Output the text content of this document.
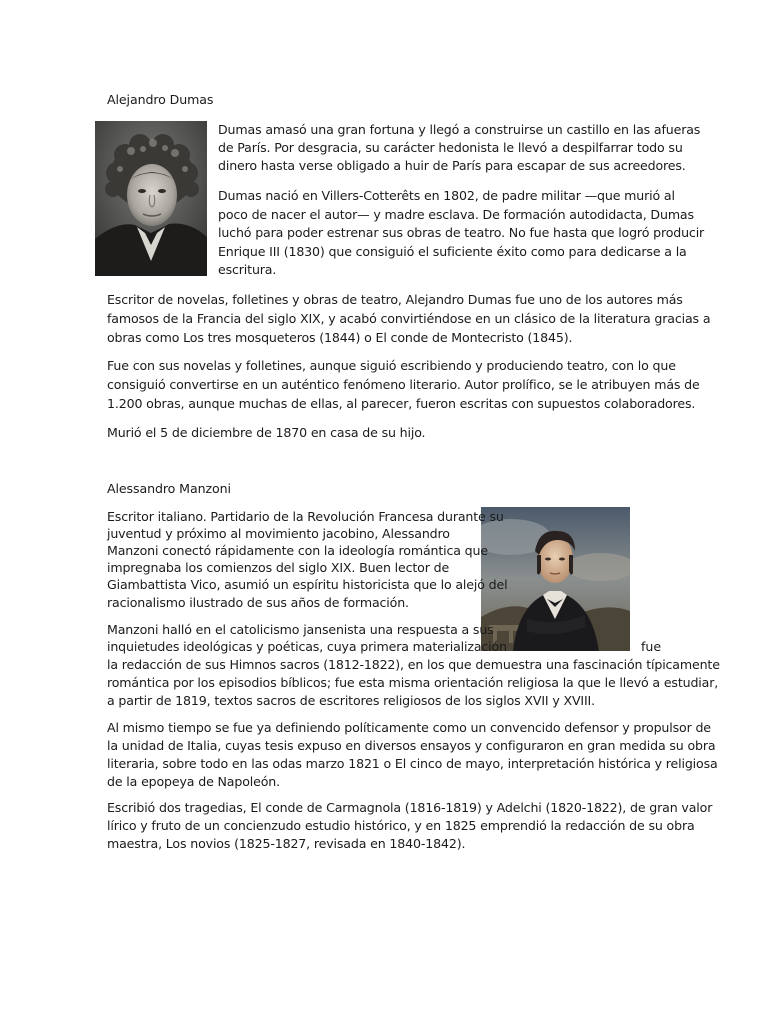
Alejandro Dumas
Dumas amasó una gran fortuna y llegó a construirse un castillo en las afueras
de París. Por desgracia, su carácter hedonista le llevó a despilfarrar todo su
dinero hasta verse obligado a huir de París para escapar de sus acreedores.
Dumas nació en Villers-Cotterêts en 1802, de padre militar —que murió al
poco de nacer el autor— y madre esclava. De formación autodidacta, Dumas
luchó para poder estrenar sus obras de teatro. No fue hasta que logró producir
Enrique III (1830) que consiguió el suficiente éxito como para dedicarse a la
escritura.
Escritor de novelas, folletines y obras de teatro, Alejandro Dumas fue uno de los autores más
famosos de la Francia del siglo XIX, y acabó convirtiéndose en un clásico de la literatura gracias a
obras como Los tres mosqueteros (1844) o El conde de Montecristo (1845).
Fue con sus novelas y folletines, aunque siguió escribiendo y produciendo teatro, con lo que
consiguió convertirse en un auténtico fenómeno literario. Autor prolífico, se le atribuyen más de
1.200 obras, aunque muchas de ellas, al parecer, fueron escritas con supuestos colaboradores.
Murió el 5 de diciembre de 1870 en casa de su hijo.
Alessandro Manzoni
Escritor italiano. Partidario de la Revolución Francesa durante su
juventud y próximo al movimiento jacobino, Alessandro
Manzoni conectó rápidamente con la ideología romántica que
impregnaba los comienzos del siglo XIX. Buen lector de
Giambattista Vico, asumió un espíritu historicista que lo alejó del
racionalismo ilustrado de sus años de formación.
Manzoni halló en el catolicismo jansenista una respuesta a sus
inquietudes ideológicas y poéticas, cuya primera materialización
la redacción de sus Himnos sacros (1812-1822), en los que demuestra una fascinación típicamente
romántica por los episodios bíblicos; fue esta misma orientación religiosa la que le llevó a estudiar,
a partir de 1819, textos sacros de escritores religiosos de los siglos XVII y XVIII.
fue
Al mismo tiempo se fue ya definiendo políticamente como un convencido defensor y propulsor de
la unidad de Italia, cuyas tesis expuso en diversos ensayos y configuraron en gran medida su obra
literaria, sobre todo en las odas marzo 1821 o El cinco de mayo, interpretación histórica y religiosa
de la epopeya de Napoleón.
Escribió dos tragedias, El conde de Carmagnola (1816-1819) y Adelchi (1820-1822), de gran valor
lírico y fruto de un concienzudo estudio histórico, y en 1825 emprendió la redacción de su obra
maestra, Los novios (1825-1827, revisada en 1840-1842).
